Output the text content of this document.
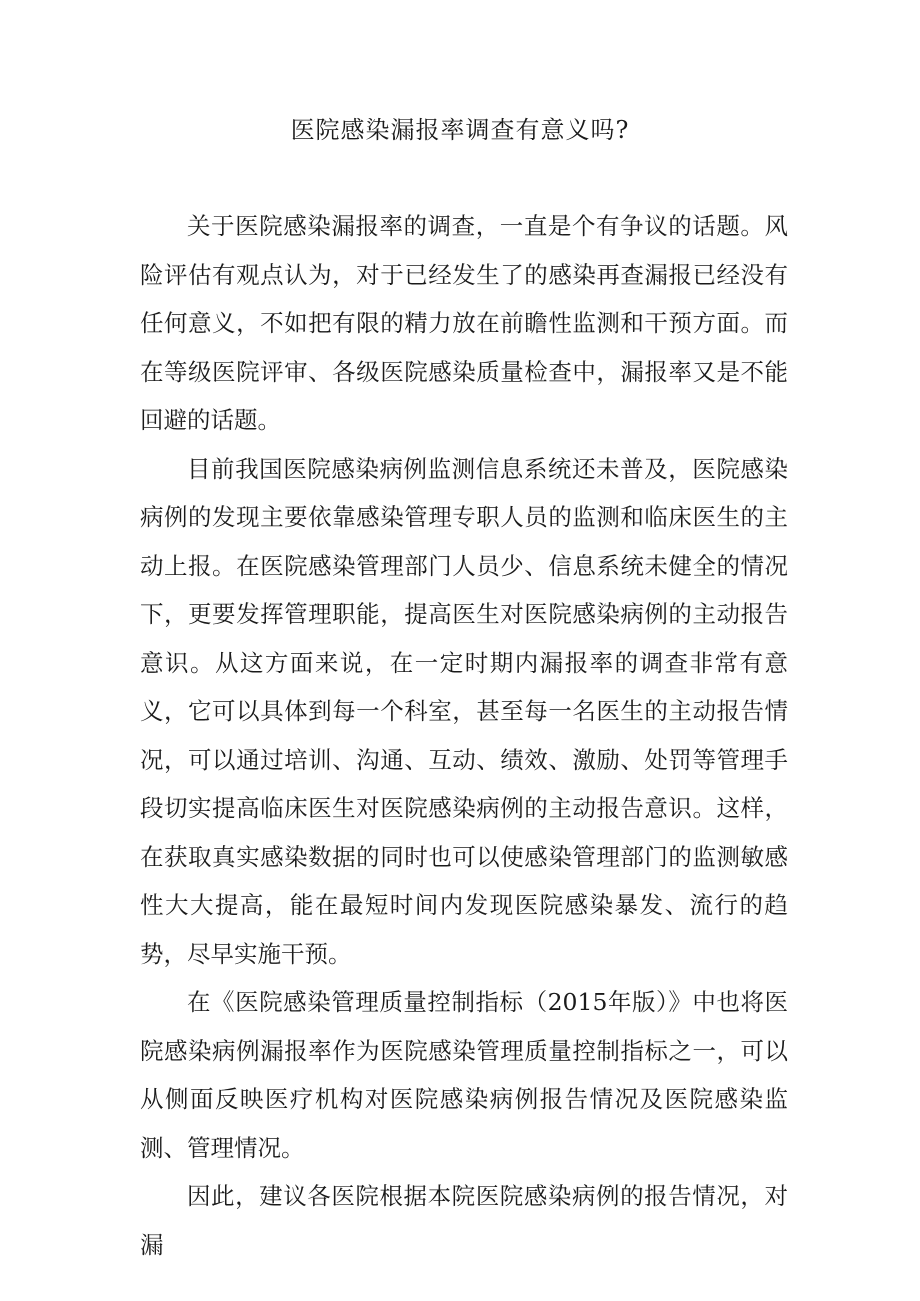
医院感染漏报率调查有意义吗?

关于医院感染漏报率的调查，一直是个有争议的话题。风险评估有观点认为，对于已经发生了的感染再查漏报已经没有任何意义，不如把有限的精力放在前瞻性监测和干预方面。而在等级医院评审、各级医院感染质量检查中，漏报率又是不能回避的话题。

目前我国医院感染病例监测信息系统还未普及，医院感染病例的发现主要依靠感染管理专职人员的监测和临床医生的主动上报。在医院感染管理部门人员少、信息系统未健全的情况下，更要发挥管理职能，提高医生对医院感染病例的主动报告意识。从这方面来说，在一定时期内漏报率的调查非常有意义，它可以具体到每一个科室，甚至每一名医生的主动报告情况，可以通过培训、沟通、互动、绩效、激励、处罚等管理手段切实提高临床医生对医院感染病例的主动报告意识。这样，在获取真实感染数据的同时也可以使感染管理部门的监测敏感性大大提高，能在最短时间内发现医院感染暴发、流行的趋势，尽早实施干预。

在《医院感染管理质量控制指标（2015年版）》中也将医院感染病例漏报率作为医院感染管理质量控制指标之一，可以从侧面反映医疗机构对医院感染病例报告情况及医院感染监测、管理情况。

因此，建议各医院根据本院医院感染病例的报告情况，对漏
